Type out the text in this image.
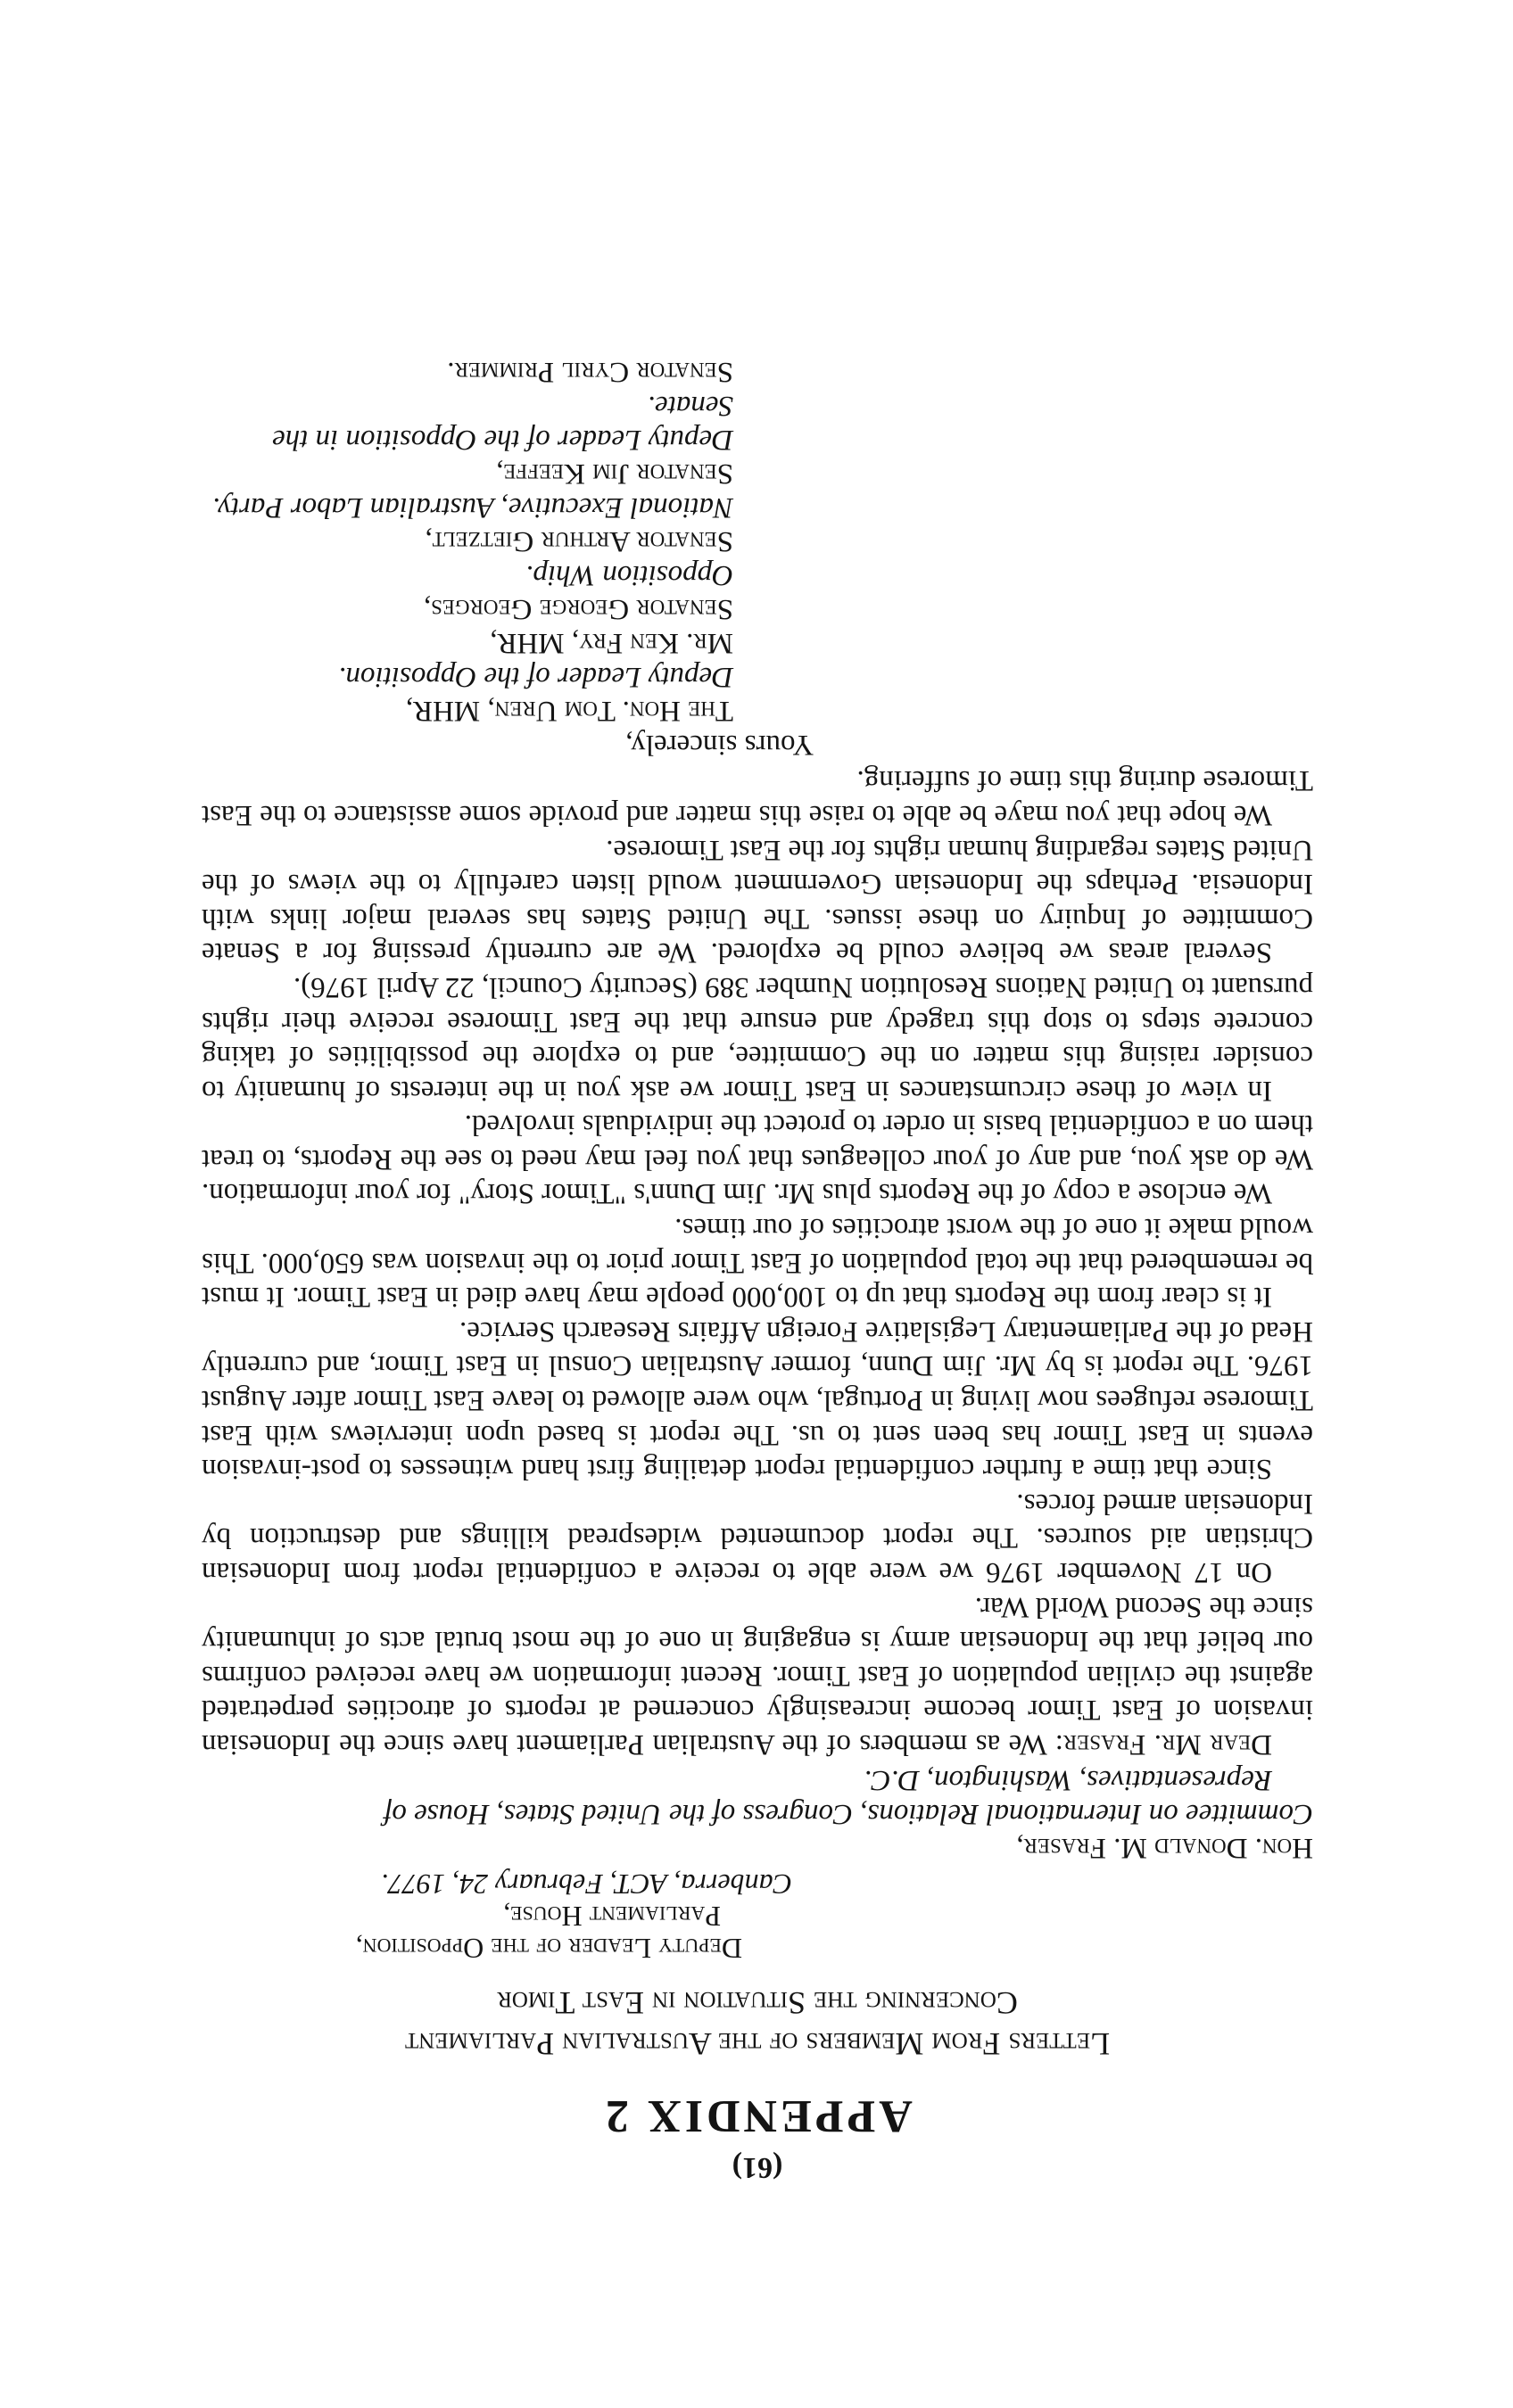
(61)
APPENDIX 2
Letters From Members of the Australian Parliament
Concerning the Situation in East Timor
Deputy Leader of the Opposition,
Parliament House,
Canberra, ACT, February 24, 1977.
Hon. Donald M. Fraser,
Committee on International Relations, Congress of the United States, House of Representatives, Washington, D.C.

Dear Mr. Fraser: We as members of the Australian Parliament have since the Indonesian invasion of East Timor become increasingly concerned at reports of atrocities perpetrated against the civilian population of East Timor. Recent information we have received confirms our belief that the Indonesian army is engaging in one of the most brutal acts of inhumanity since the Second World War.

On 17 November 1976 we were able to receive a confidential report from Indonesian Christian aid sources. The report documented widespread killings and destruction by Indonesian armed forces.

Since that time a further confidential report detailing first hand witnesses to post-invasion events in East Timor has been sent to us. The report is based upon interviews with East Timorese refugees now living in Portugal, who were allowed to leave East Timor after August 1976. The report is by Mr. Jim Dunn, former Australian Consul in East Timor, and currently Head of the Parliamentary Legislative Foreign Affairs Research Service.

It is clear from the Reports that up to 100,000 people may have died in East Timor. It must be remembered that the total population of East Timor prior to the invasion was 650,000. This would make it one of the worst atrocities of our times.

We enclose a copy of the Reports plus Mr. Jim Dunn's "Timor Story" for your information. We do ask you, and any of your colleagues that you feel may need to see the Reports, to treat them on a confidential basis in order to protect the individuals involved.

In view of these circumstances in East Timor we ask you in the interests of humanity to consider raising this matter on the Committee, and to explore the possibilities of taking concrete steps to stop this tragedy and ensure that the East Timorese receive their rights pursuant to United Nations Resolution Number 389 (Security Council, 22 April 1976).

Several areas we believe could be explored. We are currently pressing for a Senate Committee of Inquiry on these issues. The United States has several major links with Indonesia. Perhaps the Indonesian Government would listen carefully to the views of the United States regarding human rights for the East Timorese.

We hope that you maye be able to raise this matter and provide some assistance to the East Timorese during this time of suffering.

Yours sincerely,
The Hon. Tom Uren, MHR,
Deputy Leader of the Opposition.
Mr. Ken Fry, MHR,
Senator George Georges,
Opposition Whip.
Senator Arthur Gietzelt,
National Executive, Australian Labor Party.
Senator Jim Keeffe,
Deputy Leader of the Opposition in the Senate.
Senator Cyril Primmer.
